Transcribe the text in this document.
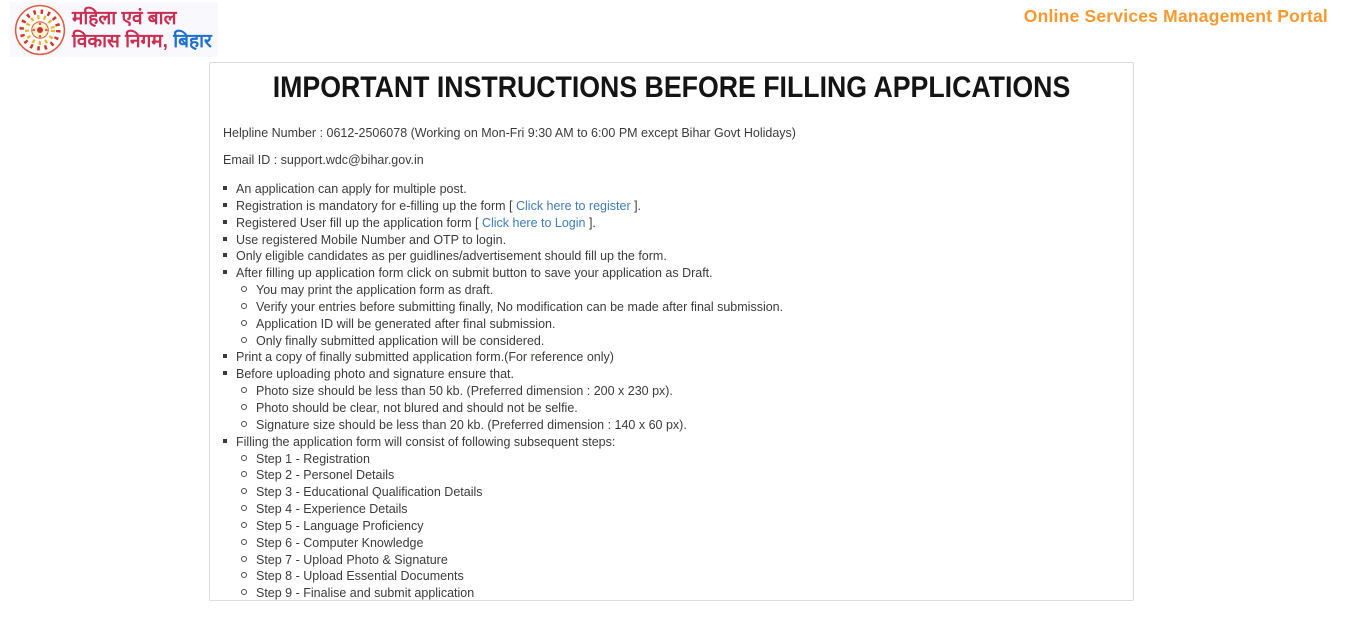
महिला एवं बाल
विकास निगम, बिहार
Online Services Management Portal
IMPORTANT INSTRUCTIONS BEFORE FILLING APPLICATIONS

Helpline Number : 0612-2506078 (Working on Mon-Fri 9:30 AM to 6:00 PM except Bihar Govt Holidays)

Email ID : support.wdc@bihar.gov.in

An application can apply for multiple post.
Registration is mandatory for e-filling up the form [ Click here to register ].
Registered User fill up the application form [ Click here to Login ].
Use registered Mobile Number and OTP to login.
Only eligible candidates as per guidlines/advertisement should fill up the form.
After filling up application form click on submit button to save your application as Draft.
You may print the application form as draft.
Verify your entries before submitting finally, No modification can be made after final submission.
Application ID will be generated after final submission.
Only finally submitted application will be considered.
Print a copy of finally submitted application form.(For reference only)
Before uploading photo and signature ensure that.
Photo size should be less than 50 kb. (Preferred dimension : 200 x 230 px).
Photo should be clear, not blured and should not be selfie.
Signature size should be less than 20 kb. (Preferred dimension : 140 x 60 px).
Filling the application form will consist of following subsequent steps:
Step 1 - Registration
Step 2 - Personel Details
Step 3 - Educational Qualification Details
Step 4 - Experience Details
Step 5 - Language Proficiency
Step 6 - Computer Knowledge
Step 7 - Upload Photo & Signature
Step 8 - Upload Essential Documents
Step 9 - Finalise and submit application
